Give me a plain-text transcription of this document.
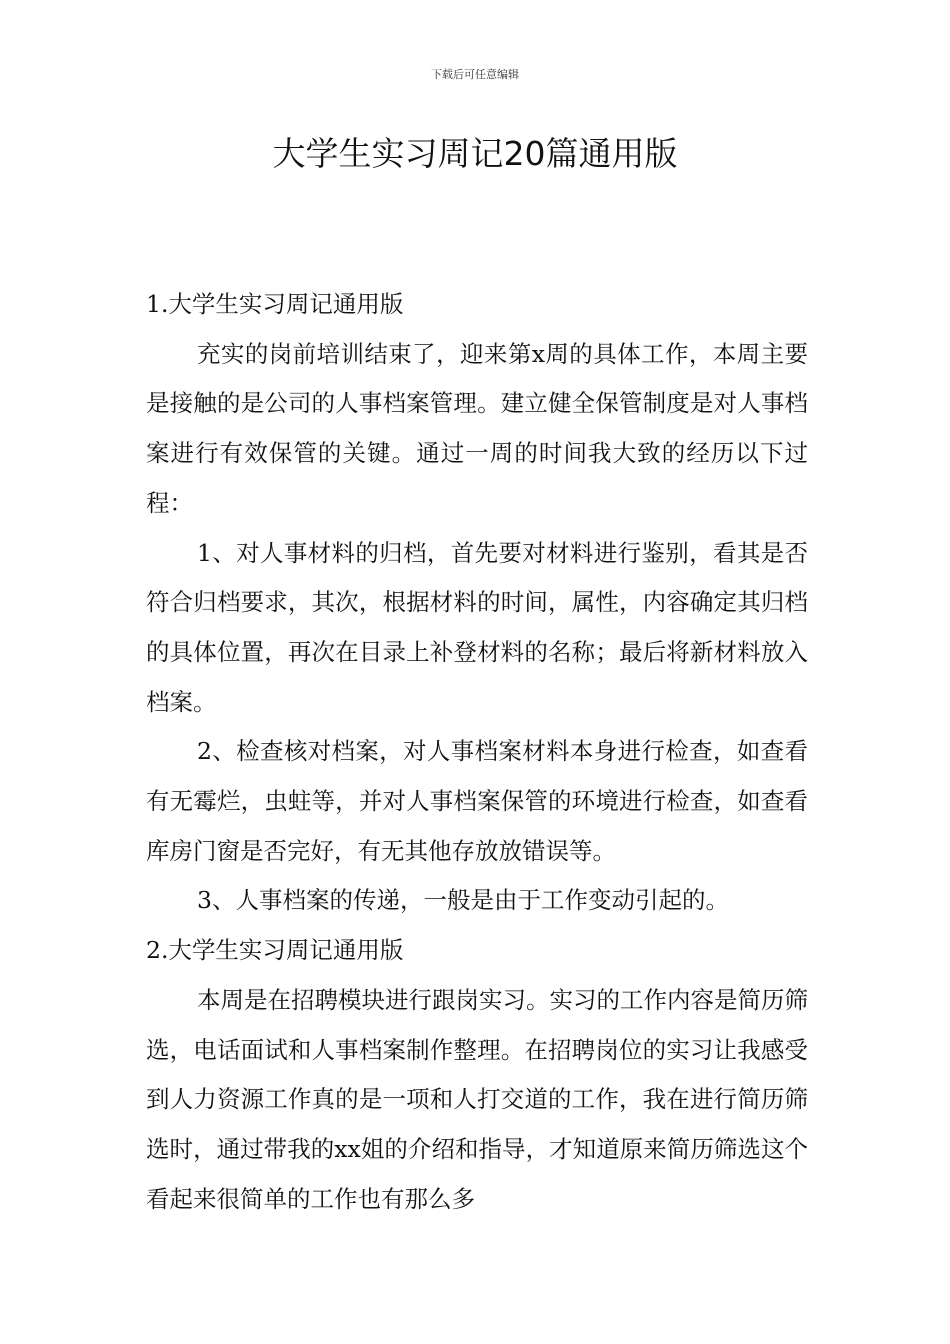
下载后可任意编辑
大学生实习周记20篇通用版

1.大学生实习周记通用版

充实的岗前培训结束了，迎来第x周的具体工作，本周主要是接触的是公司的人事档案管理。建立健全保管制度是对人事档案进行有效保管的关键。通过一周的时间我大致的经历以下过程：

1、对人事材料的归档，首先要对材料进行鉴别，看其是否符合归档要求，其次，根据材料的时间，属性，内容确定其归档的具体位置，再次在目录上补登材料的名称；最后将新材料放入档案。

2、检查核对档案，对人事档案材料本身进行检查，如查看有无霉烂，虫蛀等，并对人事档案保管的环境进行检查，如查看库房门窗是否完好，有无其他存放放错误等。

3、人事档案的传递，一般是由于工作变动引起的。

2.大学生实习周记通用版

本周是在招聘模块进行跟岗实习。实习的工作内容是简历筛选，电话面试和人事档案制作整理。在招聘岗位的实习让我感受到人力资源工作真的是一项和人打交道的工作，我在进行简历筛选时，通过带我的xx姐的介绍和指导，才知道原来简历筛选这个看起来很简单的工作也有那么多
